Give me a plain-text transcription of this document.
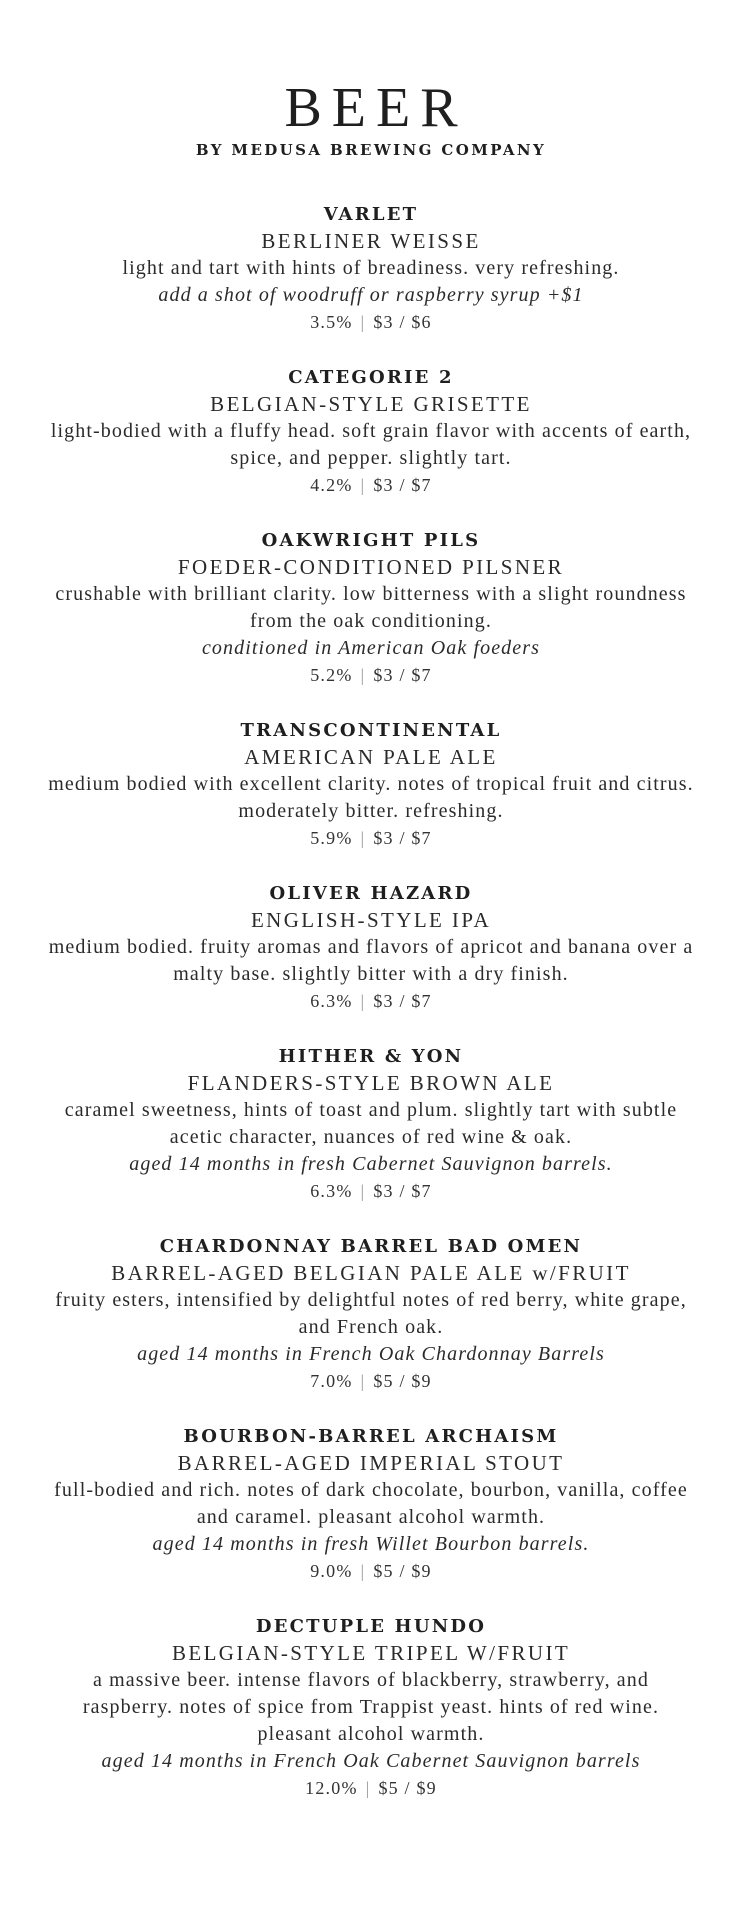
BEER
BY MEDUSA BREWING COMPANY
VARLET
BERLINER WEISSE
light and tart with hints of breadiness. very refreshing.
add a shot of woodruff or raspberry syrup +$1
3.5% | $3 / $6
CATEGORIE 2
BELGIAN-STYLE GRISETTE
light-bodied with a fluffy head. soft grain flavor with accents of earth, spice, and pepper. slightly tart.
4.2% | $3 / $7
OAKWRIGHT PILS
FOEDER-CONDITIONED PILSNER
crushable with brilliant clarity. low bitterness with a slight roundness from the oak conditioning.
conditioned in American Oak foeders
5.2% | $3 / $7
TRANSCONTINENTAL
AMERICAN PALE ALE
medium bodied with excellent clarity. notes of tropical fruit and citrus. moderately bitter. refreshing.
5.9% | $3 / $7
OLIVER HAZARD
ENGLISH-STYLE IPA
medium bodied. fruity aromas and flavors of apricot and banana over a malty base. slightly bitter with a dry finish.
6.3% | $3 / $7
HITHER & YON
FLANDERS-STYLE BROWN ALE
caramel sweetness, hints of toast and plum. slightly tart with subtle acetic character, nuances of red wine & oak.
aged 14 months in fresh Cabernet Sauvignon barrels.
6.3% | $3 / $7
CHARDONNAY BARREL BAD OMEN
BARREL-AGED BELGIAN PALE ALE w/FRUIT
fruity esters, intensified by delightful notes of red berry, white grape, and French oak.
aged 14 months in French Oak Chardonnay Barrels
7.0% | $5 / $9
BOURBON-BARREL ARCHAISM
BARREL-AGED IMPERIAL STOUT
full-bodied and rich. notes of dark chocolate, bourbon, vanilla, coffee and caramel. pleasant alcohol warmth.
aged 14 months in fresh Willet Bourbon barrels.
9.0% | $5 / $9
DECTUPLE HUNDO
BELGIAN-STYLE TRIPEL W/FRUIT
a massive beer. intense flavors of blackberry, strawberry, and raspberry. notes of spice from Trappist yeast. hints of red wine. pleasant alcohol warmth.
aged 14 months in French Oak Cabernet Sauvignon barrels
12.0% | $5 / $9
